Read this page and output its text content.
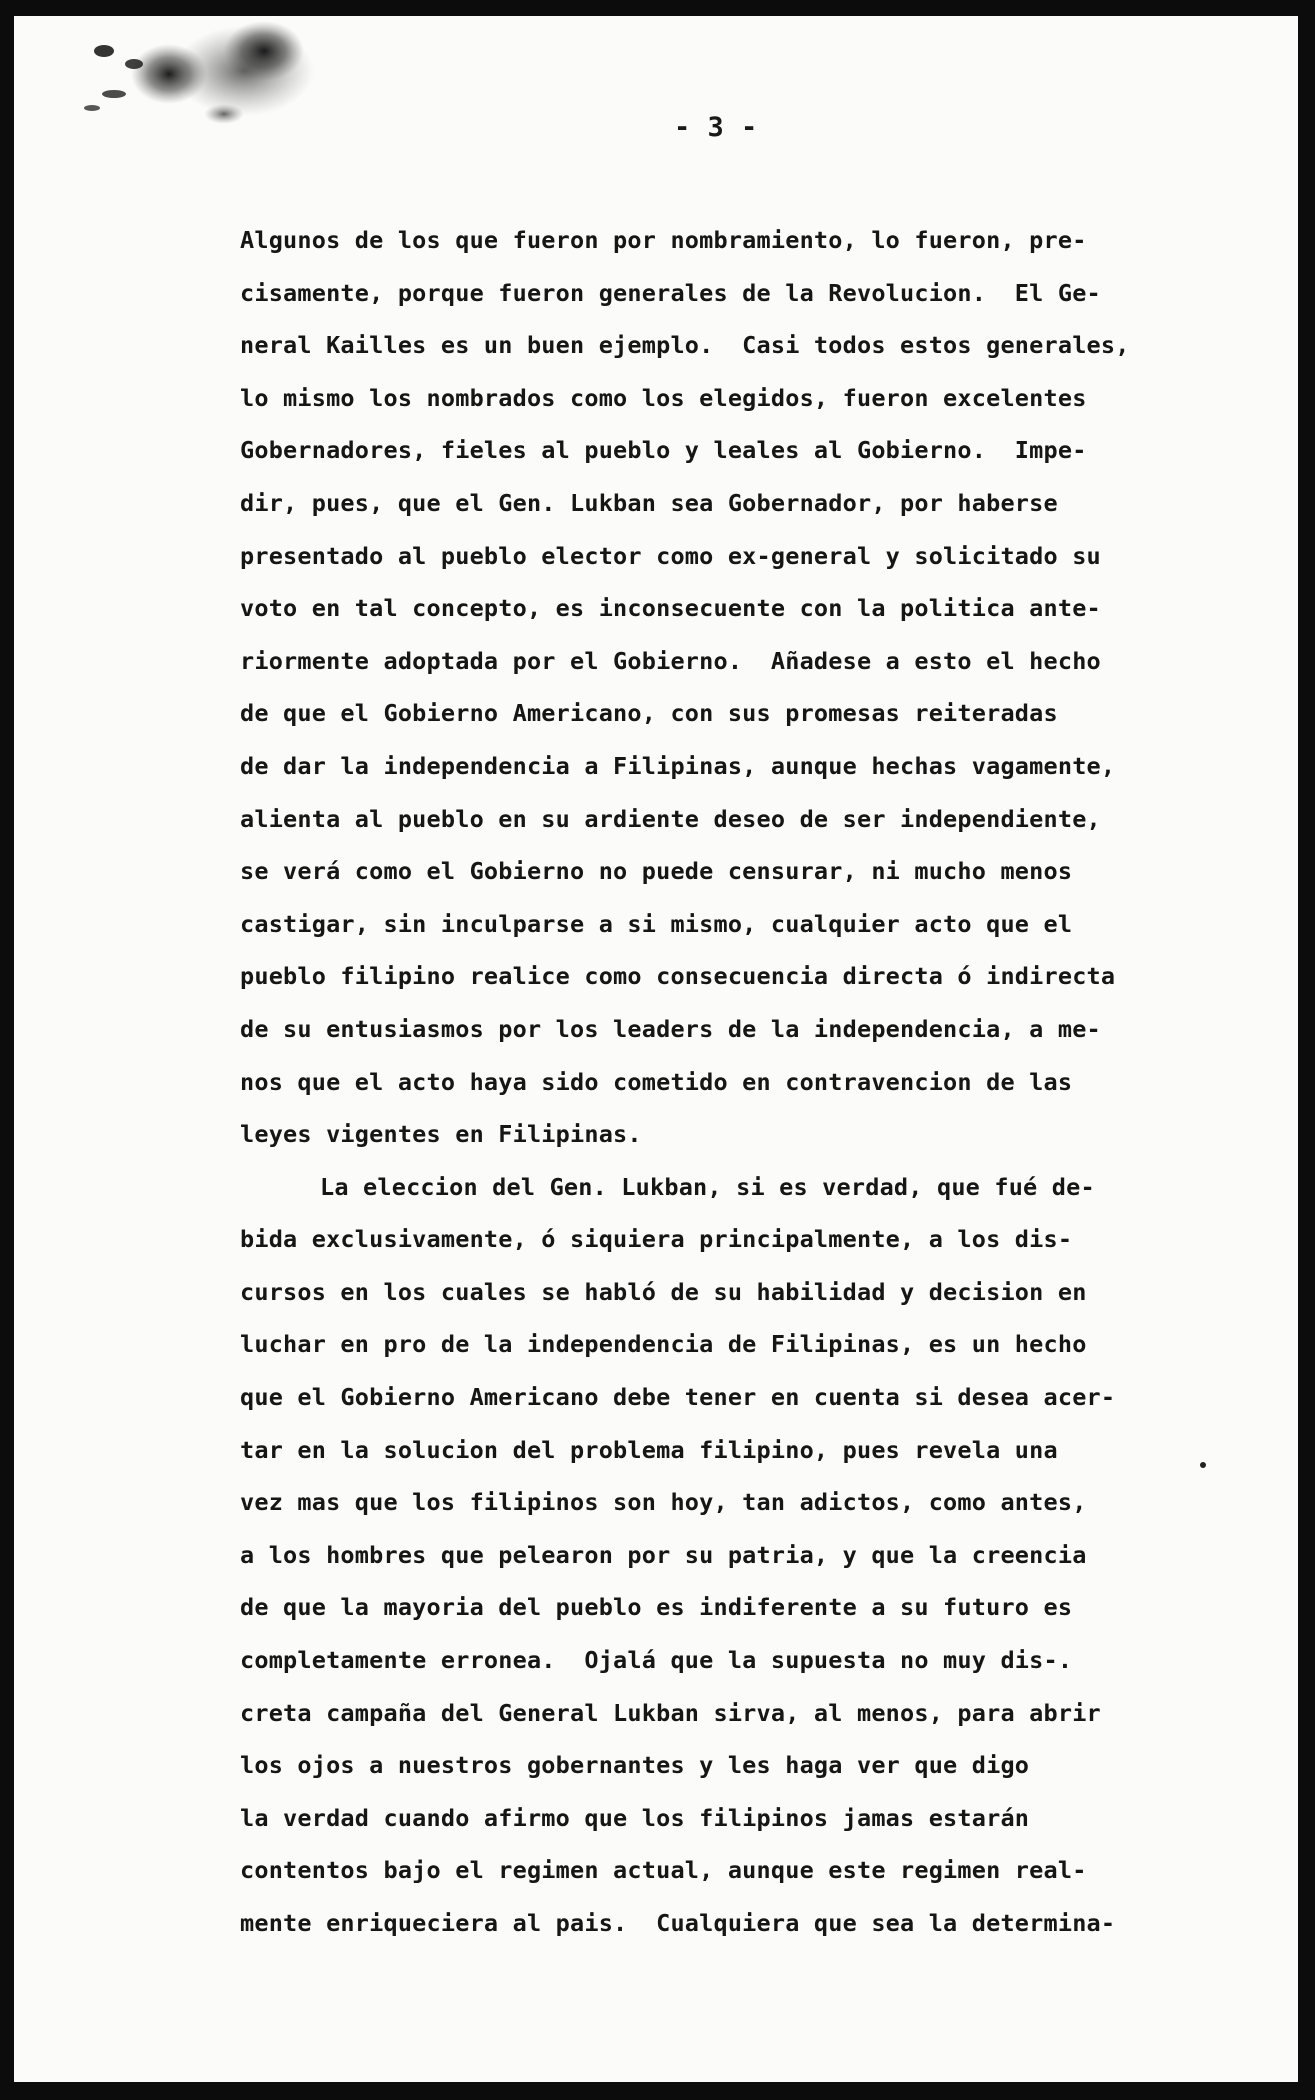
- 3 -

Algunos de los que fueron por nombramiento, lo fueron, pre-
cisamente, porque fueron generales de la Revolucion.  El Ge-
neral Kailles es un buen ejemplo.  Casi todos estos generales,
lo mismo los nombrados como los elegidos, fueron excelentes
Gobernadores, fieles al pueblo y leales al Gobierno.  Impe-
dir, pues, que el Gen. Lukban sea Gobernador, por haberse
presentado al pueblo elector como ex-general y solicitado su
voto en tal concepto, es inconsecuente con la politica ante-
riormente adoptada por el Gobierno.  Añadese a esto el hecho
de que el Gobierno Americano, con sus promesas reiteradas
de dar la independencia a Filipinas, aunque hechas vagamente,
alienta al pueblo en su ardiente deseo de ser independiente,
se verá como el Gobierno no puede censurar, ni mucho menos
castigar, sin inculparse a si mismo, cualquier acto que el
pueblo filipino realice como consecuencia directa ó indirecta
de su entusiasmos por los leaders de la independencia, a me-
nos que el acto haya sido cometido en contravencion de las
leyes vigentes en Filipinas.
La eleccion del Gen. Lukban, si es verdad, que fué de-
bida exclusivamente, ó siquiera principalmente, a los dis-
cursos en los cuales se habló de su habilidad y decision en
luchar en pro de la independencia de Filipinas, es un hecho
que el Gobierno Americano debe tener en cuenta si desea acer-
tar en la solucion del problema filipino, pues revela una
vez mas que los filipinos son hoy, tan adictos, como antes,
a los hombres que pelearon por su patria, y que la creencia
de que la mayoria del pueblo es indiferente a su futuro es
completamente erronea.  Ojalá que la supuesta no muy dis-.
creta campaña del General Lukban sirva, al menos, para abrir
los ojos a nuestros gobernantes y les haga ver que digo
la verdad cuando afirmo que los filipinos jamas estarán
contentos bajo el regimen actual, aunque este regimen real-
mente enriqueciera al pais.  Cualquiera que sea la determina-
